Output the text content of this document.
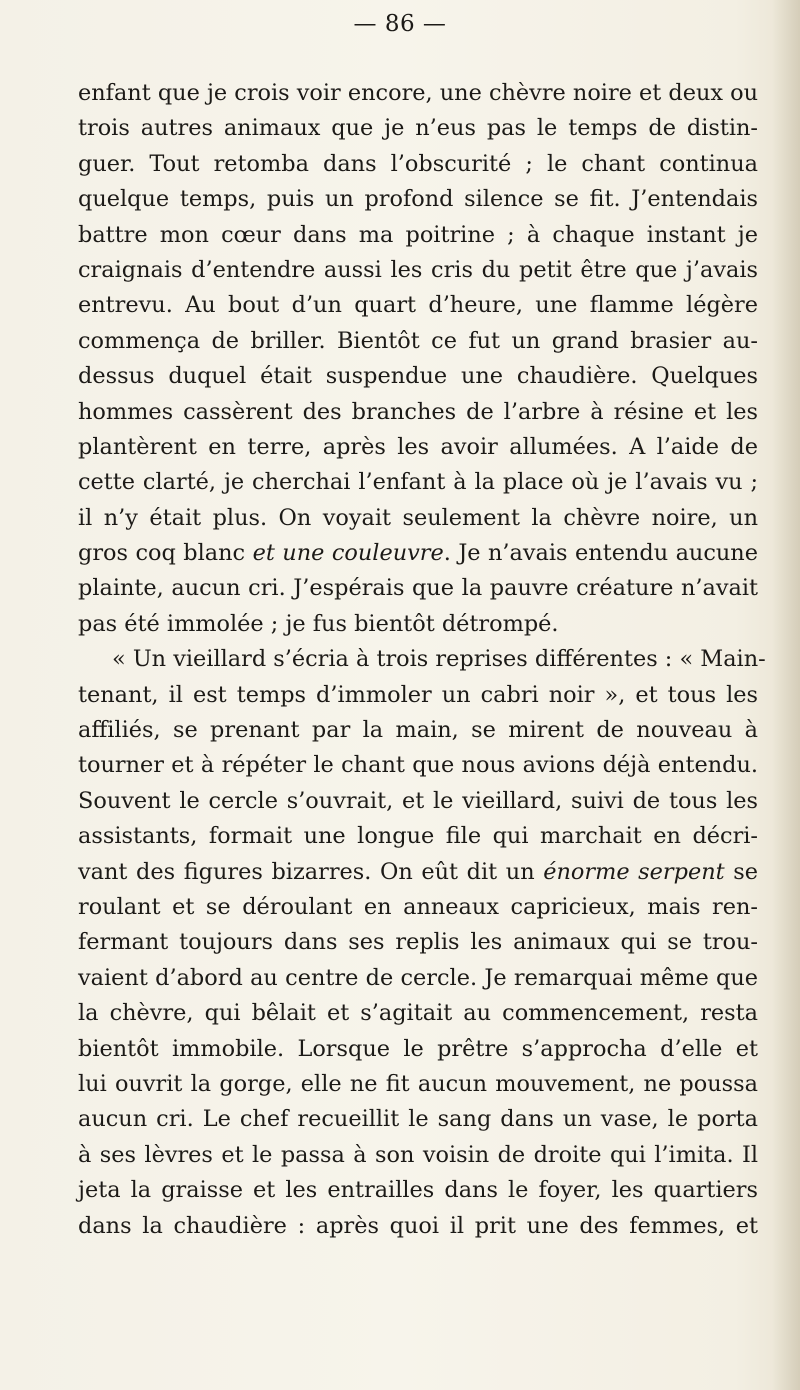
— 86 —
enfant que je crois voir encore, une chèvre noire et deux ou
trois autres animaux que je n’eus pas le temps de distin-
guer. Tout retomba dans l’obscurité ; le chant continua
quelque temps, puis un profond silence se fit. J’entendais
battre mon cœur dans ma poitrine ; à chaque instant je
craignais d’entendre aussi les cris du petit être que j’avais
entrevu. Au bout d’un quart d’heure, une flamme légère
commença de briller. Bientôt ce fut un grand brasier au-
dessus duquel était suspendue une chaudière. Quelques
hommes cassèrent des branches de l’arbre à résine et les
plantèrent en terre, après les avoir allumées. A l’aide de
cette clarté, je cherchai l’enfant à la place où je l’avais vu ;
il n’y était plus. On voyait seulement la chèvre noire, un
gros coq blanc et une couleuvre. Je n’avais entendu aucune
plainte, aucun cri. J’espérais que la pauvre créature n’avait
pas été immolée ; je fus bientôt détrompé.
« Un vieillard s’écria à trois reprises différentes : « Main-
tenant, il est temps d’immoler un cabri noir », et tous les
affiliés, se prenant par la main, se mirent de nouveau à
tourner et à répéter le chant que nous avions déjà entendu.
Souvent le cercle s’ouvrait, et le vieillard, suivi de tous les
assistants, formait une longue file qui marchait en décri-
vant des figures bizarres. On eût dit un énorme serpent se
roulant et se déroulant en anneaux capricieux, mais ren-
fermant toujours dans ses replis les animaux qui se trou-
vaient d’abord au centre de cercle. Je remarquai même que
la chèvre, qui bêlait et s’agitait au commencement, resta
bientôt immobile. Lorsque le prêtre s’approcha d’elle et
lui ouvrit la gorge, elle ne fit aucun mouvement, ne poussa
aucun cri. Le chef recueillit le sang dans un vase, le porta
à ses lèvres et le passa à son voisin de droite qui l’imita. Il
jeta la graisse et les entrailles dans le foyer, les quartiers
dans la chaudière : après quoi il prit une des femmes, et
